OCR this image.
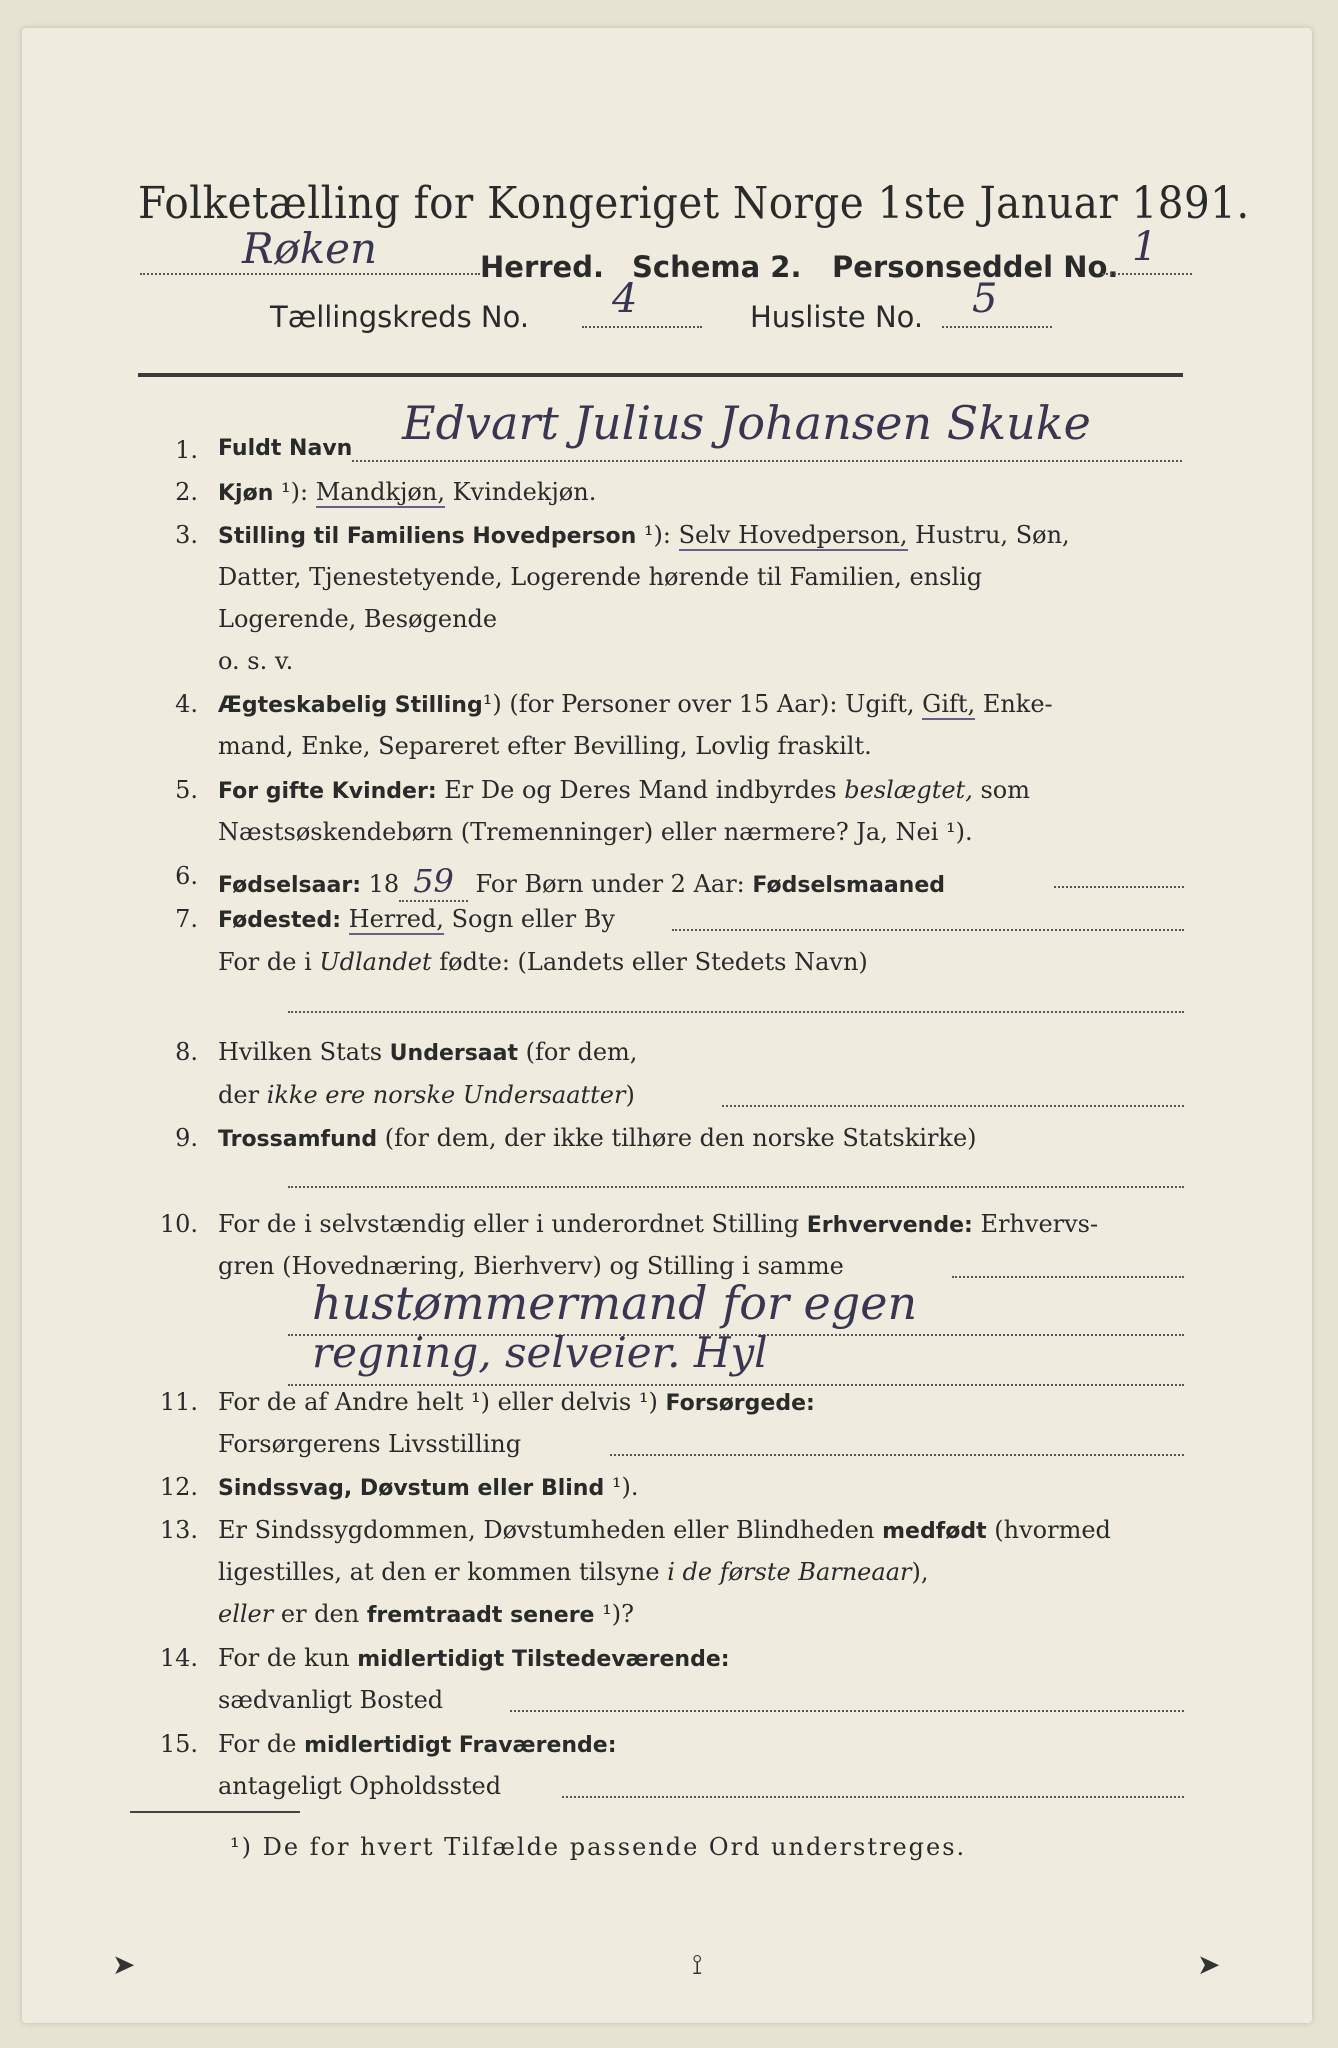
Folketælling for Kongeriget Norge 1ste Januar 1891.
Røken	Herred. Schema 2. Personseddel No. 1
Tællingskreds No. 4	Husliste No. 5
1. Fuldt Navn Edvart Julius Johansen Skuke
2. Kjøn ¹): Mandkjøn, Kvindekjøn.
3. Stilling til Familiens Hovedperson ¹): Selv Hovedperson, Hustru, Søn,
Datter, Tjenestetyende, Logerende hørende til Familien, enslig
Logerende, Besøgende
o. s. v.
4. Ægteskabelig Stilling¹) (for Personer over 15 Aar): Ugift, Gift, Enke-
mand, Enke, Separeret efter Bevilling, Lovlig fraskilt.
5. For gifte Kvinder: Er De og Deres Mand indbyrdes beslægtet, som
Næstsøskendebørn (Tremenninger) eller nærmere? Ja, Nei ¹).
6. Fødselsaar: 18 59 For Børn under 2 Aar: Fødselsmaaned
7. Fødested: Herred, Sogn eller By
For de i Udlandet fødte: (Landets eller Stedets Navn)
8. Hvilken Stats Undersaat (for dem,
der ikke ere norske Undersaatter)
9. Trossamfund (for dem, der ikke tilhøre den norske Statskirke)
10. For de i selvstændig eller i underordnet Stilling Erhvervende: Erhvervs-
gren (Hovednæring, Bierhverv) og Stilling i samme
hustømmermand for egen
regning, selveier. Hyl
11. For de af Andre helt ¹) eller delvis ¹) Forsørgede:
Forsørgerens Livsstilling
12. Sindssvag, Døvstum eller Blind ¹).
13. Er Sindssygdommen, Døvstumheden eller Blindheden medfødt (hvormed
ligestilles, at den er kommen tilsyne i de første Barneaar),
eller er den fremtraadt senere ¹)?
14. For de kun midlertidigt Tilstedeværende:
sædvanligt Bosted
15. For de midlertidigt Fraværende:
antageligt Opholdssted
¹) De for hvert Tilfælde passende Ord understreges.
➤	⟟	➤
